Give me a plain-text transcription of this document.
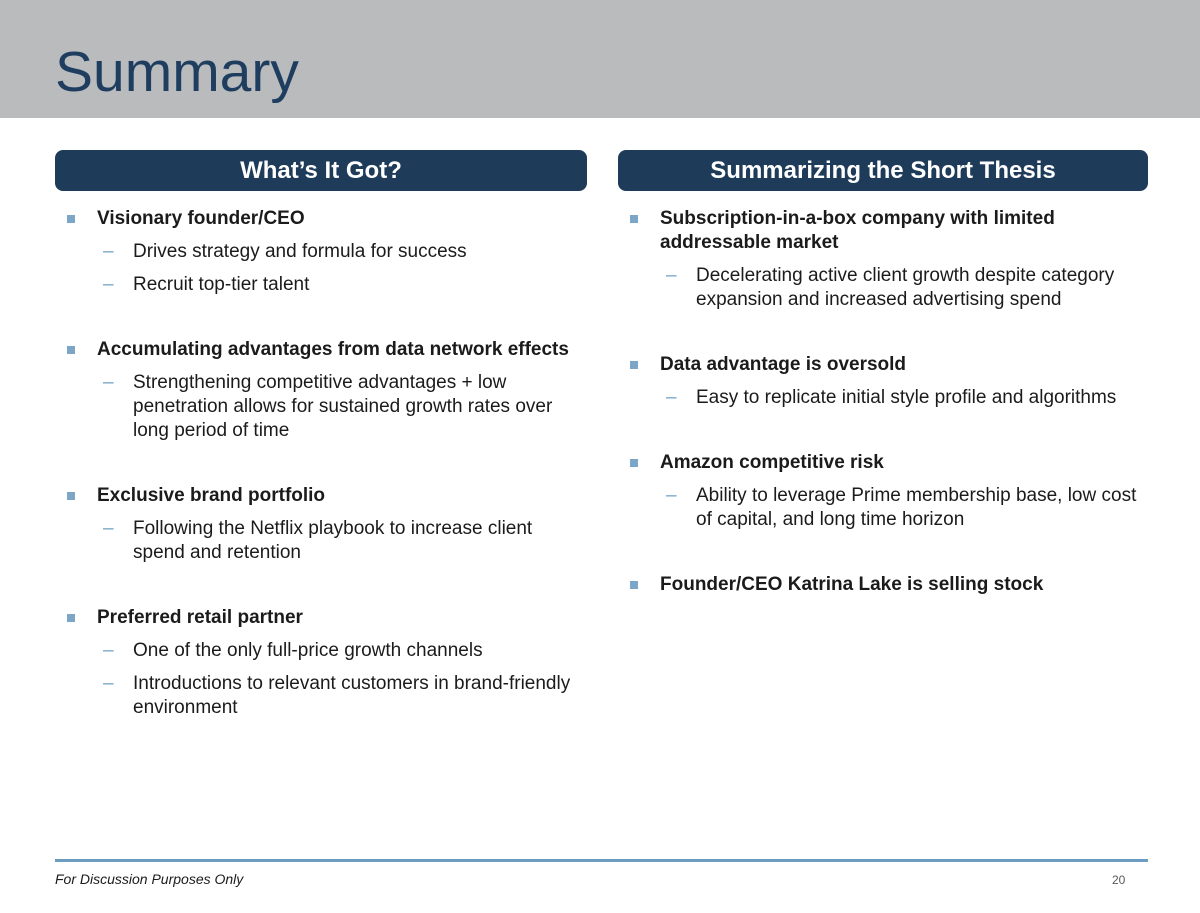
Summary
What’s It Got?
Visionary founder/CEO
– Drives strategy and formula for success
– Recruit top-tier talent
Accumulating advantages from data network effects
– Strengthening competitive advantages + low penetration allows for sustained growth rates over long period of time
Exclusive brand portfolio
– Following the Netflix playbook to increase client spend and retention
Preferred retail partner
– One of the only full-price growth channels
– Introductions to relevant customers in brand-friendly environment
Summarizing the Short Thesis
Subscription-in-a-box company with limited addressable market
– Decelerating active client growth despite category expansion and increased advertising spend
Data advantage is oversold
– Easy to replicate initial style profile and algorithms
Amazon competitive risk
– Ability to leverage Prime membership base, low cost of capital, and long time horizon
Founder/CEO Katrina Lake is selling stock
For Discussion Purposes Only	20
